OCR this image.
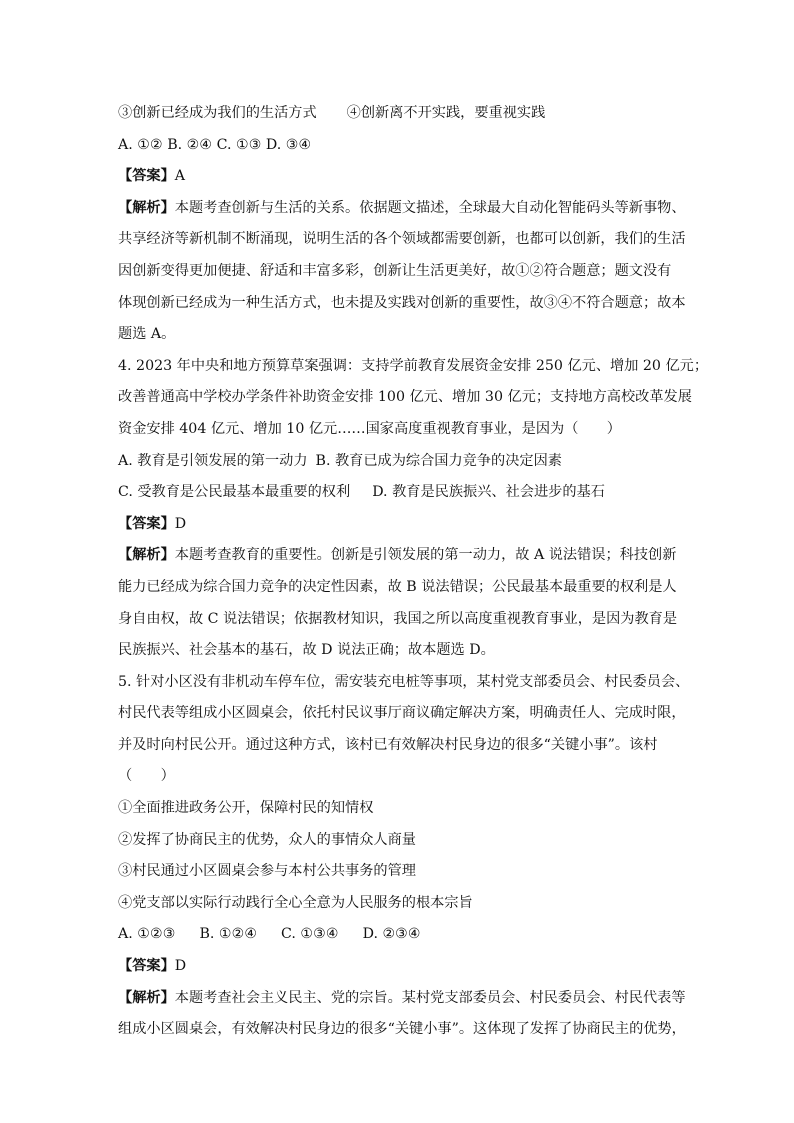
③创新已经成为我们的生活方式 ④创新离不开实践，要重视实践
A. ①② B. ②④ C. ①③ D. ③④
【答案】A
【解析】本题考查创新与生活的关系。依据题文描述，全球最大自动化智能码头等新事物、
共享经济等新机制不断涌现，说明生活的各个领域都需要创新，也都可以创新，我们的生活
因创新变得更加便捷、舒适和丰富多彩，创新让生活更美好，故①②符合题意；题文没有
体现创新已经成为一种生活方式，也未提及实践对创新的重要性，故③④不符合题意；故本
题选 A。
4. 2023 年中央和地方预算草案强调：支持学前教育发展资金安排 250 亿元、增加 20 亿元；
改善普通高中学校办学条件补助资金安排 100 亿元、增加 30 亿元；支持地方高校改革发展
资金安排 404 亿元、增加 10 亿元……国家高度重视教育事业，是因为（　　）
A. 教育是引领发展的第一动力 B. 教育已成为综合国力竞争的决定因素
C. 受教育是公民最基本最重要的权利 D. 教育是民族振兴、社会进步的基石
【答案】D
【解析】本题考查教育的重要性。创新是引领发展的第一动力，故 A 说法错误；科技创新
能力已经成为综合国力竞争的决定性因素，故 B 说法错误；公民最基本最重要的权利是人
身自由权，故 C 说法错误；依据教材知识，我国之所以高度重视教育事业，是因为教育是
民族振兴、社会基本的基石，故 D 说法正确；故本题选 D。
5. 针对小区没有非机动车停车位，需安装充电桩等事项，某村党支部委员会、村民委员会、
村民代表等组成小区圆桌会，依托村民议事厅商议确定解决方案，明确责任人、完成时限，
并及时向村民公开。通过这种方式，该村已有效解决村民身边的很多“关键小事”。该村
（　　）
①全面推进政务公开，保障村民的知情权
②发挥了协商民主的优势，众人的事情众人商量
③村民通过小区圆桌会参与本村公共事务的管理
④党支部以实际行动践行全心全意为人民服务的根本宗旨
A. ①②③ B. ①②④ C. ①③④ D. ②③④
【答案】D
【解析】本题考查社会主义民主、党的宗旨。某村党支部委员会、村民委员会、村民代表等
组成小区圆桌会，有效解决村民身边的很多“关键小事”。这体现了发挥了协商民主的优势，
